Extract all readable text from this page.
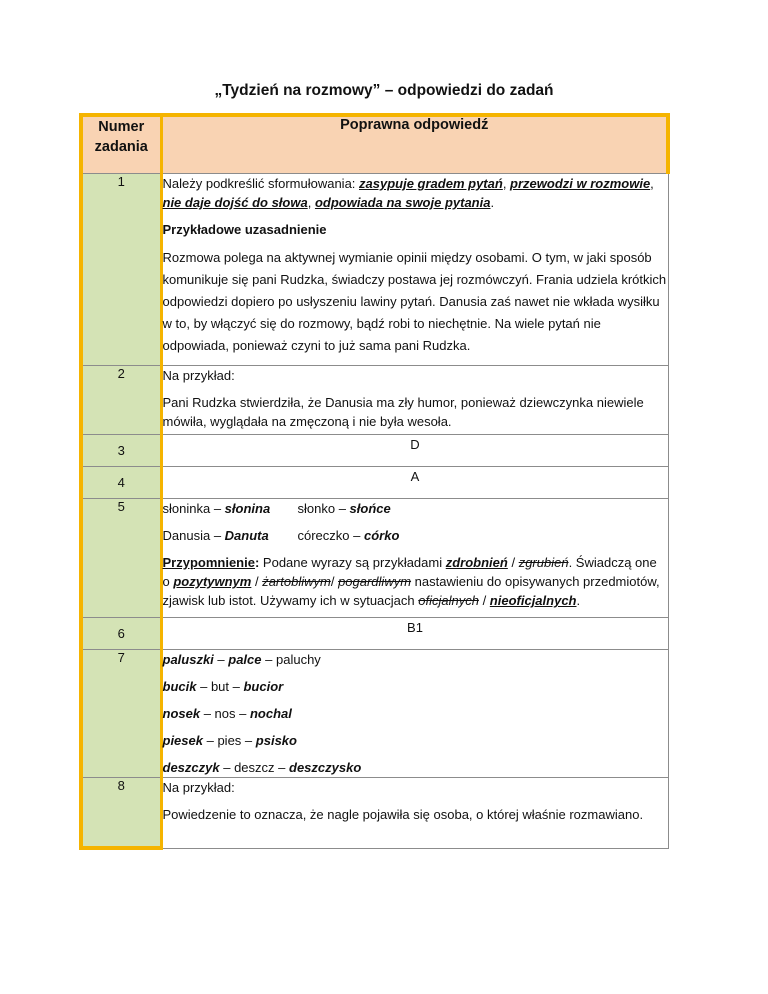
„Tydzień na rozmowy” – odpowiedzi do zadań
Numer zadania	Poprawna odpowiedź
1	Należy podkreślić sformułowania: zasypuje gradem pytań, przewodzi w rozmowie, nie daje dojść do słowa, odpowiada na swoje pytania.

Przykładowe uzasadnienie

Rozmowa polega na aktywnej wymianie opinii między osobami. O tym, w jaki sposób komunikuje się pani Rudzka, świadczy postawa jej rozmówczyń. Frania udziela krótkich odpowiedzi dopiero po usłyszeniu lawiny pytań. Danusia zaś nawet nie wkłada wysiłku w to, by włączyć się do rozmowy, bądź robi to niechętnie. Na wiele pytań nie odpowiada, ponieważ czyni to już sama pani Rudzka.

2	Na przykład:

Pani Rudzka stwierdziła, że Danusia ma zły humor, ponieważ dziewczynka niewiele mówiła, wyglądała na zmęczoną i nie była wesoła.

3	D
4	A
5	słoninka – słonina słonko – słońce
Danusia – Danuta córeczko – córko

Przypomnienie: Podane wyrazy są przykładami zdrobnień / zgrubień. Świadczą one o pozytywnym / żartobliwym/ pogardliwym nastawieniu do opisywanych przedmiotów, zjawisk lub istot. Używamy ich w sytuacjach oficjalnych / nieoficjalnych.

6	B1
7	paluszki – palce – paluchy

bucik – but – bucior

nosek – nos – nochal

piesek – pies – psisko

deszczyk – deszcz – deszczysko

8	Na przykład:

Powiedzenie to oznacza, że nagle pojawiła się osoba, o której właśnie rozmawiano.
